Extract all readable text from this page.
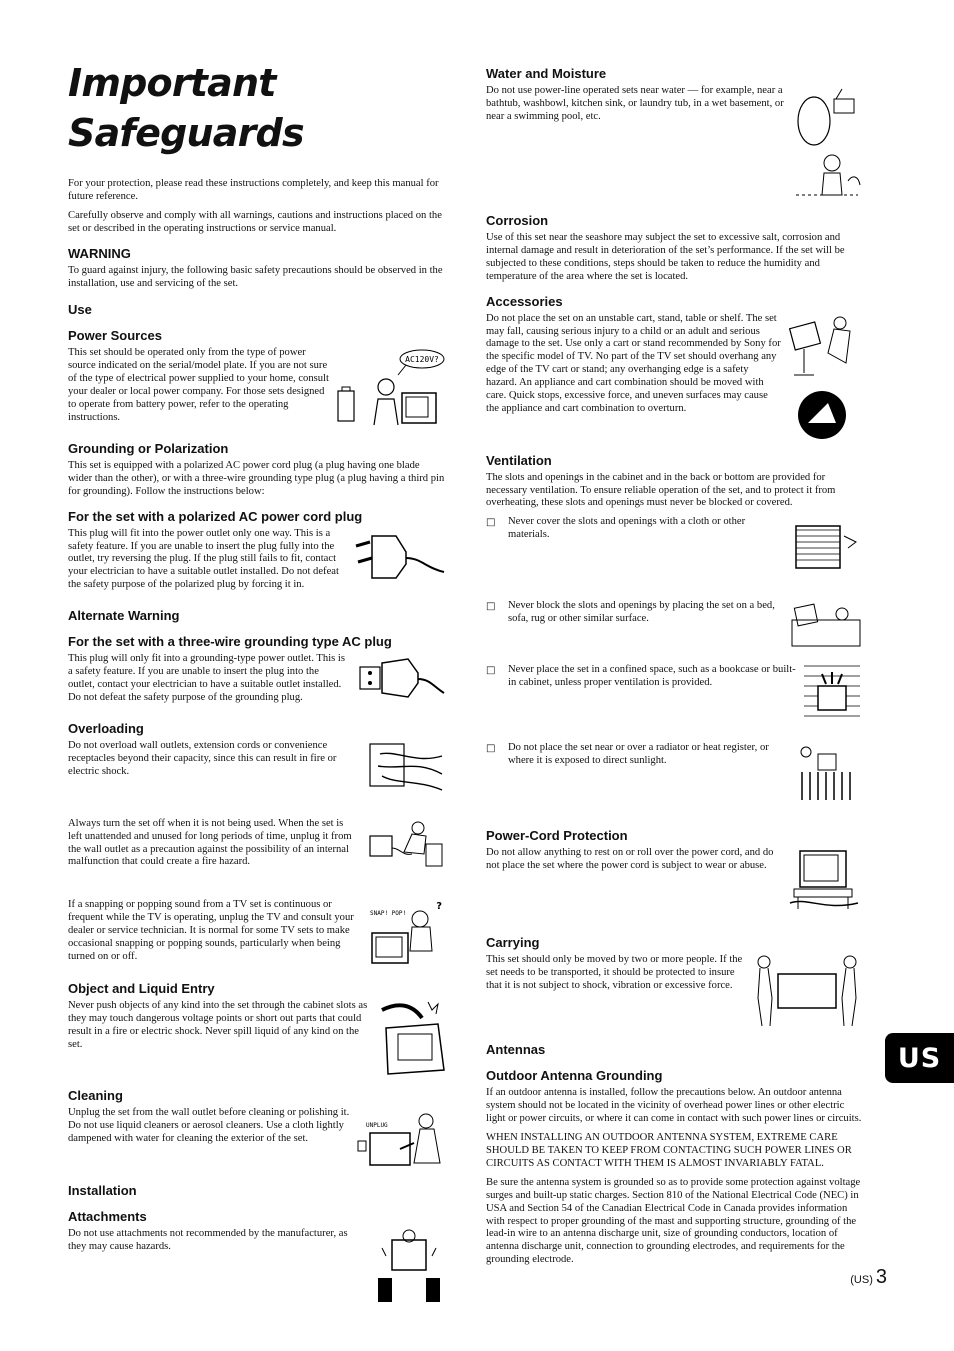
Important Safeguards

For your protection, please read these instructions completely, and keep this manual for future reference.

Carefully observe and comply with all warnings, cautions and instructions placed on the set or described in the operating instructions or service manual.

WARNING

To guard against injury, the following basic safety precautions should be observed in the installation, use and servicing of the set.

Use
Power Sources

This set should be operated only from the type of power source indicated on the serial/model plate. If you are not sure of the type of electrical power supplied to your home, consult your dealer or local power company. For those sets designed to operate from battery power, refer to the operating instructions.

AC120V?
Grounding or Polarization

This set is equipped with a polarized AC power cord plug (a plug having one blade wider than the other), or with a three-wire grounding type plug (a plug having a third pin for grounding). Follow the instructions below:

For the set with a polarized AC power cord plug

This plug will fit into the power outlet only one way. This is a safety feature. If you are unable to insert the plug fully into the outlet, try reversing the plug. If the plug still fails to fit, contact your electrician to have a suitable outlet installed. Do not defeat the safety purpose of the polarized plug by forcing it in.

Alternate Warning
For the set with a three-wire grounding type AC plug

This plug will only fit into a grounding-type power outlet. This is a safety feature. If you are unable to insert the plug into the outlet, contact your electrician to have a suitable outlet installed. Do not defeat the safety purpose of the grounding plug.

Overloading

Do not overload wall outlets, extension cords or convenience receptacles beyond their capacity, since this can result in fire or electric shock.

Always turn the set off when it is not being used. When the set is left unattended and unused for long periods of time, unplug it from the wall outlet as a precaution against the possibility of an internal malfunction that could create a fire hazard.

If a snapping or popping sound from a TV set is continuous or frequent while the TV is operating, unplug the TV and consult your dealer or service technician. It is normal for some TV sets to make occasional snapping or popping sounds, particularly when being turned on or off.

?
SNAP! POP!
Object and Liquid Entry

Never push objects of any kind into the set through the cabinet slots as they may touch dangerous voltage points or short out parts that could result in a fire or electric shock. Never spill liquid of any kind on the set.

Cleaning

Unplug the set from the wall outlet before cleaning or polishing it. Do not use liquid cleaners or aerosol cleaners. Use a cloth lightly dampened with water for cleaning the exterior of the set.

UNPLUG
Installation
Attachments

Do not use attachments not recommended by the manufacturer, as they may cause hazards.

Water and Moisture

Do not use power-line operated sets near water — for example, near a bathtub, washbowl, kitchen sink, or laundry tub, in a wet basement, or near a swimming pool, etc.

Corrosion

Use of this set near the seashore may subject the set to excessive salt, corrosion and internal damage and result in deterioration of the set’s performance. If the set will be subjected to these conditions, steps should be taken to reduce the humidity and temperature of the area where the set is located.

Accessories

Do not place the set on an unstable cart, stand, table or shelf. The set may fall, causing serious injury to a child or an adult and serious damage to the set. Use only a cart or stand recommended by Sony for the specific model of TV. No part of the TV set should overhang any edge of the TV cart or stand; any overhanging edge is a safety hazard. An appliance and cart combination should be moved with care. Quick stops, excessive force, and uneven surfaces may cause the appliance and cart combination to overturn.

Ventilation

The slots and openings in the cabinet and in the back or bottom are provided for necessary ventilation. To ensure reliable operation of the set, and to protect it from overheating, these slots and openings must never be blocked or covered.

□	Never cover the slots and openings with a cloth or other materials.

□	Never block the slots and openings by placing the set on a bed, sofa, rug or other similar surface.

□	Never place the set in a confined space, such as a bookcase or built-in cabinet, unless proper ventilation is provided.

□	Do not place the set near or over a radiator or heat register, or where it is exposed to direct sunlight.

Power-Cord Protection

Do not allow anything to rest on or roll over the power cord, and do not place the set where the power cord is subject to wear or abuse.

Carrying

This set should only be moved by two or more people. If the set needs to be transported, it should be protected to insure that it is not subject to shock, vibration or excessive force.

Antennas
Outdoor Antenna Grounding

If an outdoor antenna is installed, follow the precautions below. An outdoor antenna system should not be located in the vicinity of overhead power lines or other electric light or power circuits, or where it can come in contact with such power lines or circuits.

WHEN INSTALLING AN OUTDOOR ANTENNA SYSTEM, EXTREME CARE SHOULD BE TAKEN TO KEEP FROM CONTACTING SUCH POWER LINES OR CIRCUITS AS CONTACT WITH THEM IS ALMOST INVARIABLY FATAL.

Be sure the antenna system is grounded so as to provide some protection against voltage surges and built-up static charges. Section 810 of the National Electrical Code (NEC) in USA and Section 54 of the Canadian Electrical Code in Canada provides information with respect to proper grounding of the mast and supporting structure, grounding of the lead-in wire to an antenna discharge unit, size of grounding conductors, location of antenna discharge unit, connection to grounding electrodes, and requirements for the grounding electrode.

US
(US) 3
